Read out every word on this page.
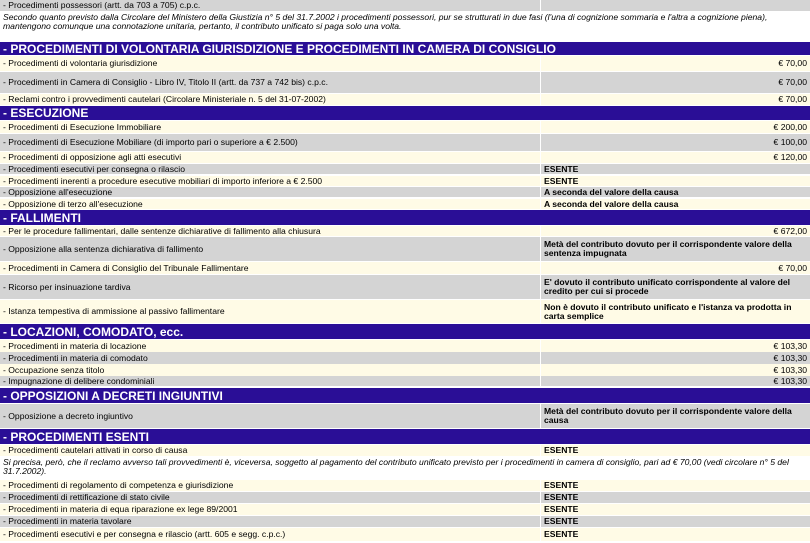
- Procedimenti possessori (artt. da 703 a 705) c.p.c.
Secondo quanto previsto dalla Circolare del Ministero della Giustizia n° 5 del 31.7.2002 i procedimenti possessori, pur se strutturati in due fasi (l'una di cognizione sommaria e l'altra a cognizione piena), mantengono comunque una connotazione unitaria, pertanto, il contributo unificato si paga solo una volta.
- PROCEDIMENTI DI VOLONTARIA GIURISDIZIONE E PROCEDIMENTI IN CAMERA DI CONSIGLIO
- Procedimenti di volontaria giurisdizione	€ 70,00
- Procedimenti in Camera di Consiglio - Libro IV, Titolo II (artt. da 737 a 742 bis) c.p.c.	€ 70,00
- Reclami contro i provvedimenti cautelari (Circolare Ministeriale n. 5 del 31-07-2002)	€ 70,00
- ESECUZIONE
- Procedimenti di Esecuzione Immobiliare	€ 200,00
- Procedimenti di Esecuzione Mobiliare (di importo pari o superiore a € 2.500)	€ 100,00
- Procedimenti di opposizione agli atti esecutivi	€ 120,00
- Procedimenti esecutivi per consegna o rilascio	ESENTE
- Procedimenti inerenti a procedure esecutive mobiliari di importo inferiore a € 2.500	ESENTE
- Opposizione all'esecuzione	A seconda del valore della causa
- Opposizione di terzo all'esecuzione	A seconda del valore della causa
- FALLIMENTI
- Per le procedure fallimentari, dalle sentenze dichiarative di fallimento alla chiusura	€ 672,00
- Opposizione alla sentenza dichiarativa di fallimento	Metà del contributo dovuto per il corrispondente valore della sentenza impugnata
- Procedimenti in Camera di Consiglio del Tribunale Fallimentare	€ 70,00
- Ricorso per insinuazione tardiva	E' dovuto il contributo unificato corrispondente al valore del credito per cui si procede
- Istanza tempestiva di ammissione al passivo fallimentare	Non è dovuto il contributo unificato e l'istanza va prodotta in carta semplice
- LOCAZIONI, COMODATO, ecc.
- Procedimenti in materia di locazione	€ 103,30
- Procedimenti in materia di comodato	€ 103,30
- Occupazione senza titolo	€ 103,30
- Impugnazione di delibere condominiali	€ 103,30
- OPPOSIZIONI A DECRETI INGIUNTIVI
- Opposizione a decreto ingiuntivo	Metà del contributo dovuto per il corrispondente valore della causa
- PROCEDIMENTI ESENTI
- Procedimenti cautelari attivati in corso di causa	ESENTE
Si precisa, però, che il reclamo avverso tali provvedimenti è, viceversa, soggetto al pagamento del contributo unificato previsto per i procedimenti in camera di consiglio, pari ad € 70,00 (vedi circolare n° 5 del 31.7.2002).
- Procedimenti di regolamento di competenza e giurisdizione	ESENTE
- Procedimenti di rettificazione di stato civile	ESENTE
- Procedimenti in materia di equa riparazione ex lege 89/2001	ESENTE
- Procedimenti in materia tavolare	ESENTE
- Procedimenti esecutivi e per consegna e rilascio (artt. 605 e segg. c.p.c.)	ESENTE
